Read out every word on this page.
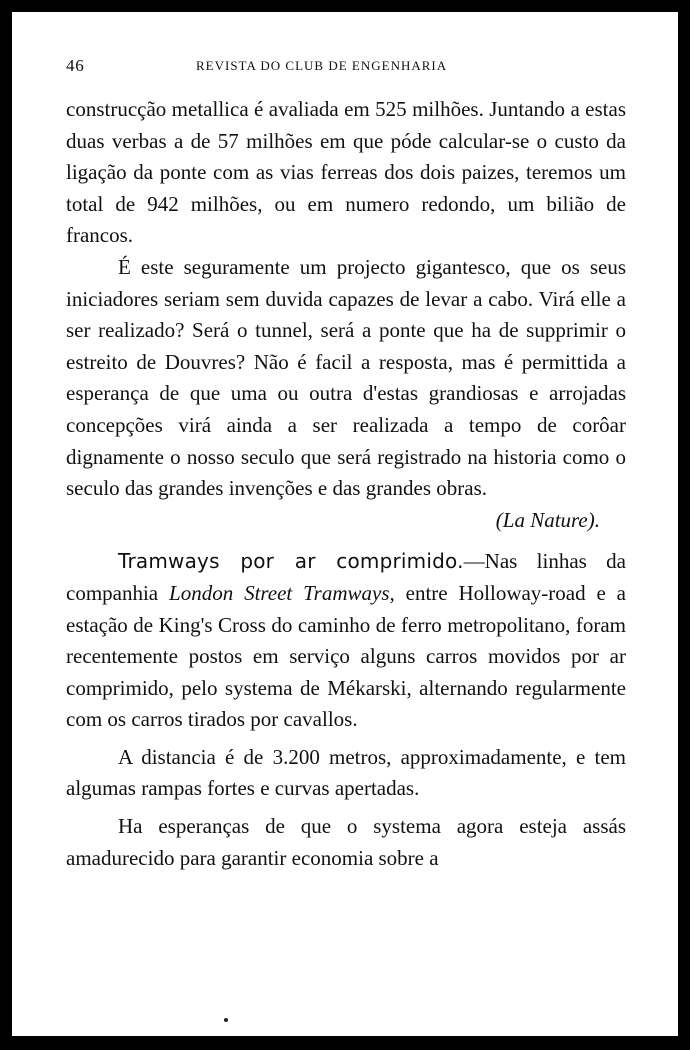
46	REVISTA DO CLUB DE ENGENHARIA

construcção metallica é avaliada em 525 milhões. Juntando a estas duas verbas a de 57 milhões em que póde calcular-se o custo da ligação da ponte com as vias ferreas dos dois paizes, teremos um total de 942 milhões, ou em numero redondo, um bilião de francos.

É este seguramente um projecto gigantesco, que os seus iniciadores seriam sem duvida capazes de levar a cabo. Virá elle a ser realizado? Será o tunnel, será a ponte que ha de supprimir o estreito de Douvres? Não é facil a resposta, mas é permittida a esperança de que uma ou outra d'estas grandiosas e arrojadas concepções virá ainda a ser realizada a tempo de corôar dignamente o nosso seculo que será registrado na historia como o seculo das grandes invenções e das grandes obras.

(La Nature).

Tramways por ar comprimido.—Nas linhas da companhia London Street Tramways, entre Holloway-road e a estação de King's Cross do caminho de ferro metropolitano, foram recentemente postos em serviço alguns carros movidos por ar comprimido, pelo systema de Mékarski, alternando regularmente com os carros tirados por cavallos.

A distancia é de 3.200 metros, approximadamente, e tem algumas rampas fortes e curvas apertadas.

Ha esperanças de que o systema agora esteja assás amadurecido para garantir economia sobre a
